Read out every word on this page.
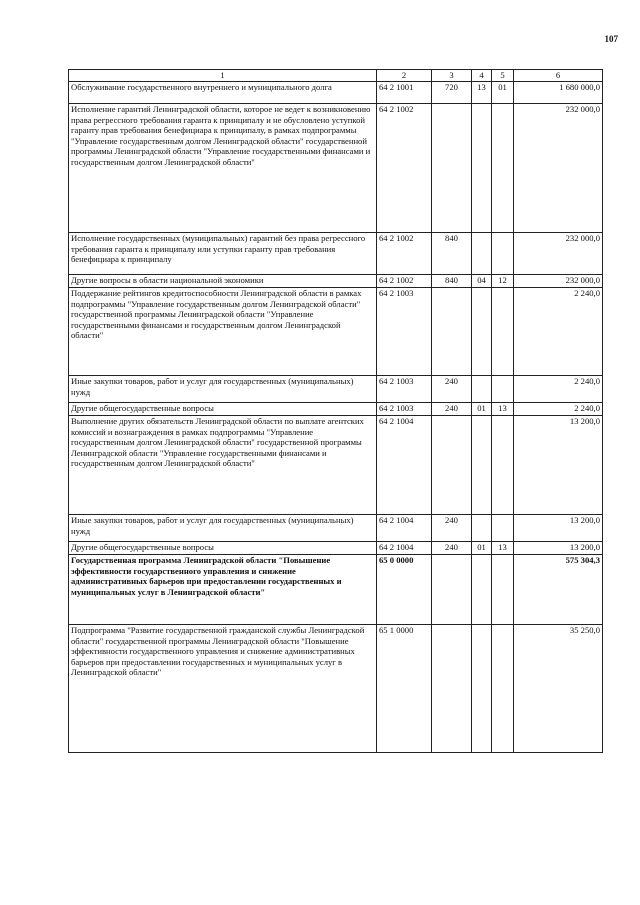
107
1	2	3	4	5	6
Обслуживание государственного внутреннего и муниципального долга	64 2 1001	720	13	01	1 680 000,0
Исполнение гарантий Ленинградской области, которое не ведет к возникновению права регрессного требования гаранта к принципалу и не обусловлено уступкой гаранту прав требования бенефициара к принципалу, в рамках подпрограммы "Управление государственным долгом Ленинградской области" государственной программы Ленинградской области "Управление государственными финансами и государственным долгом Ленинградской области"	64 2 1002				232 000,0
Исполнение государственных (муниципальных) гарантий без права регрессного требования гаранта к принципалу или уступки гаранту прав требования бенефициара к принципалу	64 2 1002	840			232 000,0
Другие вопросы в области национальной экономики	64 2 1002	840	04	12	232 000,0
Поддержание рейтингов кредитоспособности Ленинградской области в рамках подпрограммы "Управление государственным долгом Ленинградской области" государственной программы Ленинградской области "Управление государственными финансами и государственным долгом Ленинградской области"	64 2 1003				2 240,0
Иные закупки товаров, работ и услуг для государственных (муниципальных) нужд	64 2 1003	240			2 240,0
Другие общегосударственные вопросы	64 2 1003	240	01	13	2 240,0
Выполнение других обязательств Ленинградской области по выплате агентских комиссий и вознаграждения в рамках подпрограммы "Управление государственным долгом Ленинградской области" государственной программы Ленинградской области "Управление государственными финансами и государственным долгом Ленинградской области"	64 2 1004				13 200,0
Иные закупки товаров, работ и услуг для государственных (муниципальных) нужд	64 2 1004	240			13 200,0
Другие общегосударственные вопросы	64 2 1004	240	01	13	13 200,0
Государственная программа Ленинградской области "Повышение эффективности государственного управления и снижение административных барьеров при предоставлении государственных и муниципальных услуг в Ленинградской области"	65 0 0000				575 304,3
Подпрограмма "Развитие государственной гражданской службы Ленинградской области" государственной программы Ленинградской области "Повышение эффективности государственного управления и снижение административных барьеров при предоставлении государственных и муниципальных услуг в Ленинградской области"	65 1 0000				35 250,0
